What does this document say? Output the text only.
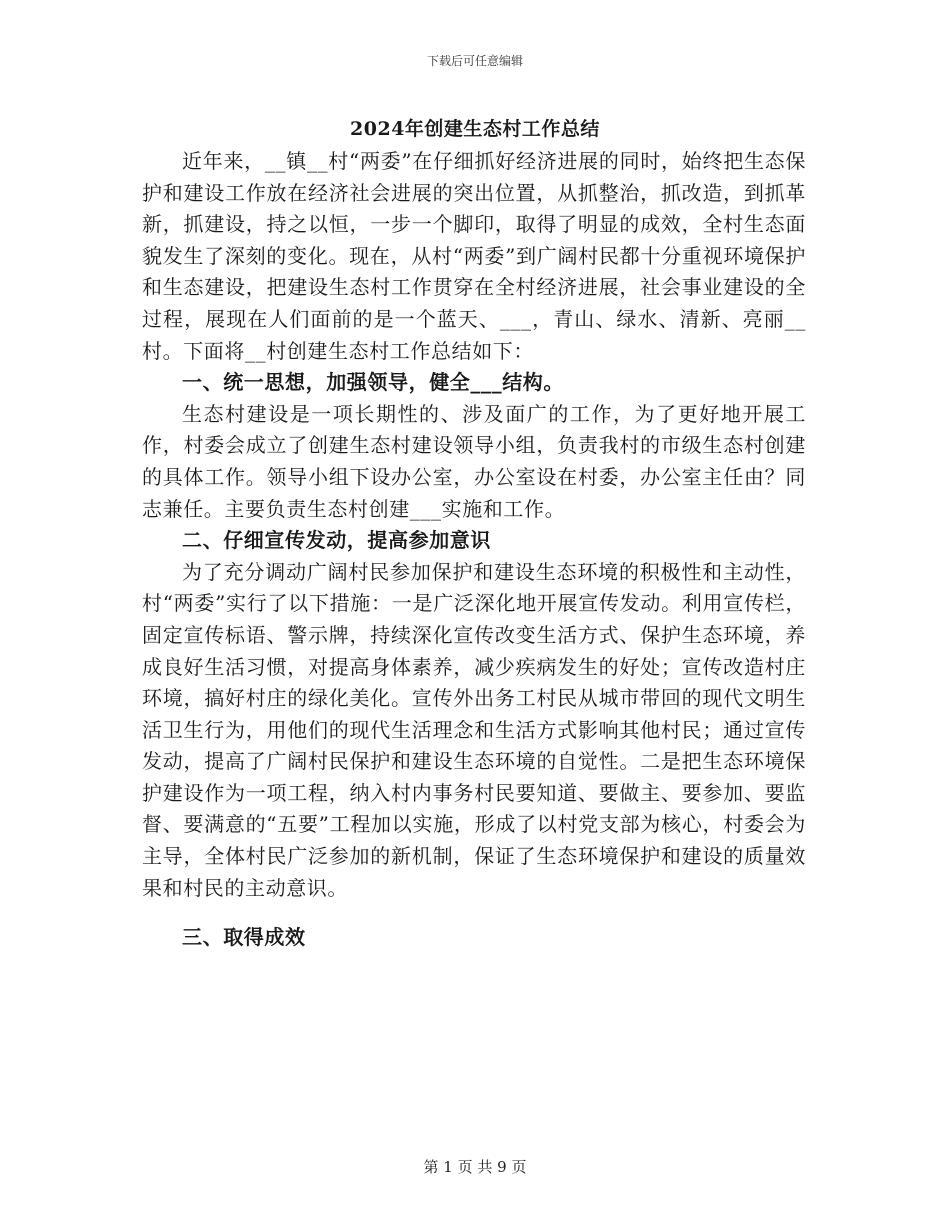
下载后可任意编辑
2024年创建生态村工作总结

近年来，__镇__村“两委”在仔细抓好经济进展的同时，始终把生态保护和建设工作放在经济社会进展的突出位置，从抓整治，抓改造，到抓革新，抓建设，持之以恒，一步一个脚印，取得了明显的成效，全村生态面貌发生了深刻的变化。现在，从村“两委”到广阔村民都十分重视环境保护和生态建设，把建设生态村工作贯穿在全村经济进展，社会事业建设的全过程，展现在人们面前的是一个蓝天、___，青山、绿水、清新、亮丽__村。下面将__村创建生态村工作总结如下：

一、统一思想，加强领导，健全___结构。

生态村建设是一项长期性的、涉及面广的工作，为了更好地开展工作，村委会成立了创建生态村建设领导小组，负责我村的市级生态村创建的具体工作。领导小组下设办公室，办公室设在村委，办公室主任由？同志兼任。主要负责生态村创建___实施和工作。

二、仔细宣传发动，提高参加意识

为了充分调动广阔村民参加保护和建设生态环境的积极性和主动性，村“两委”实行了以下措施：一是广泛深化地开展宣传发动。利用宣传栏，固定宣传标语、警示牌，持续深化宣传改变生活方式、保护生态环境，养成良好生活习惯，对提高身体素养，减少疾病发生的好处；宣传改造村庄环境，搞好村庄的绿化美化。宣传外出务工村民从城市带回的现代文明生活卫生行为，用他们的现代生活理念和生活方式影响其他村民；通过宣传发动，提高了广阔村民保护和建设生态环境的自觉性。二是把生态环境保护建设作为一项工程，纳入村内事务村民要知道、要做主、要参加、要监督、要满意的“五要”工程加以实施，形成了以村党支部为核心，村委会为主导，全体村民广泛参加的新机制，保证了生态环境保护和建设的质量效果和村民的主动意识。

三、取得成效
第 1 页 共 9 页
